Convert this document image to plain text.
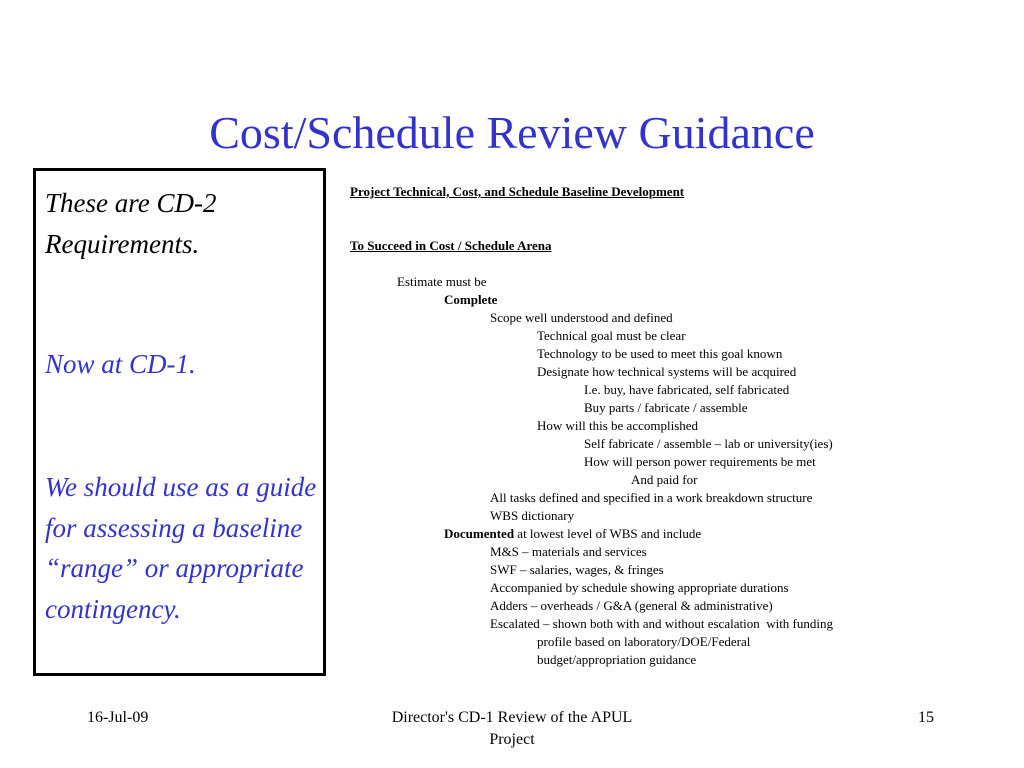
Cost/Schedule Review Guidance

These are CD-2 Requirements.

Now at CD-1.

We should use as a guide for assessing a baseline “range” or appropriate contingency.

Project Technical, Cost, and Schedule Baseline Development
To Succeed in Cost / Schedule Arena
Estimate must be
Complete
Scope well understood and defined
Technical goal must be clear
Technology to be used to meet this goal known
Designate how technical systems will be acquired
I.e. buy, have fabricated, self fabricated
Buy parts / fabricate / assemble
How will this be accomplished
Self fabricate / assemble – lab or university(ies)
How will person power requirements be met
And paid for
All tasks defined and specified in a work breakdown structure
WBS dictionary
Documented at lowest level of WBS and include
M&S – materials and services
SWF – salaries, wages, & fringes
Accompanied by schedule showing appropriate durations
Adders – overheads / G&A (general & administrative)
Escalated – shown both with and without escalation  with funding
profile based on laboratory/DOE/Federal
budget/appropriation guidance
16-Jul-09	Director's CD-1 Review of the APUL
Project
15
